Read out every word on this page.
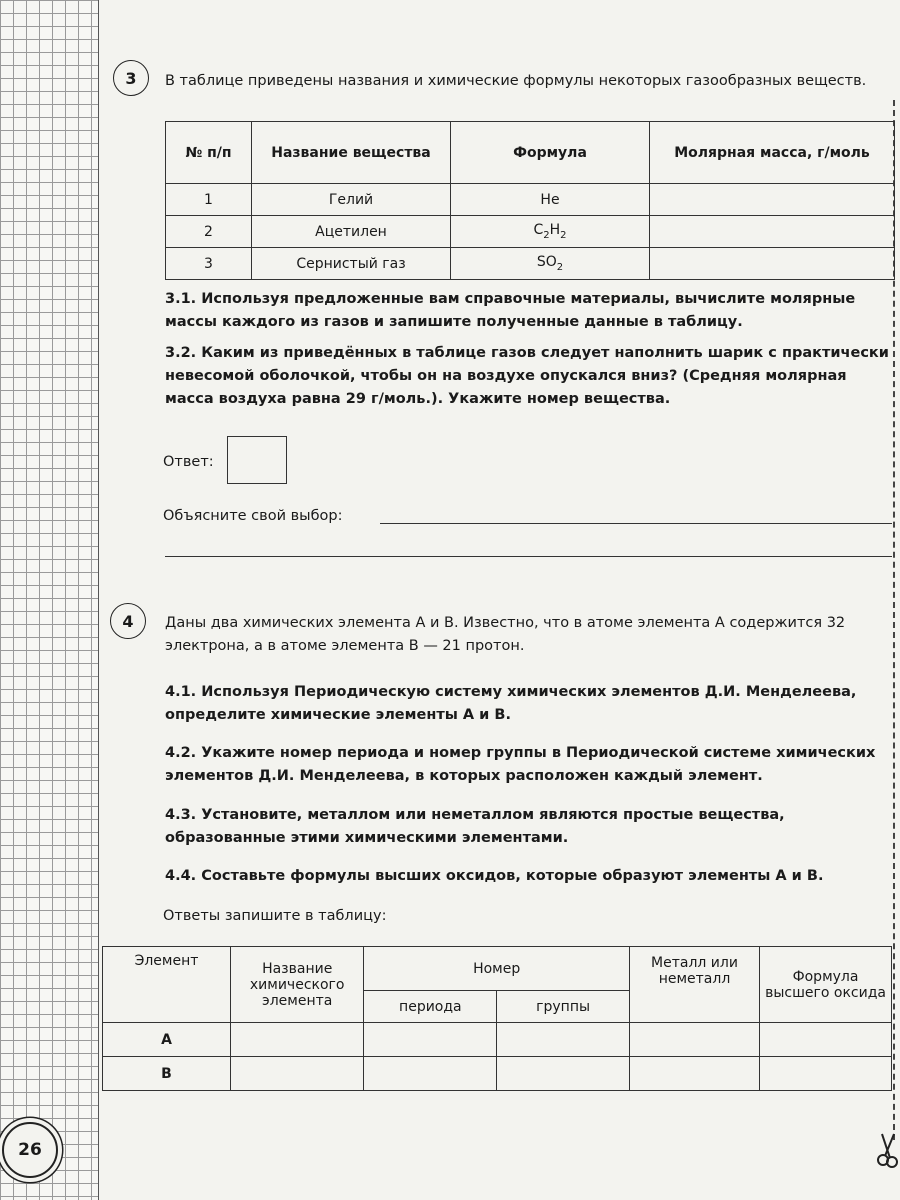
3	В таблице приведены названия и химические формулы некоторых газообразных веществ.
№ п/п	Название вещества	Формула	Молярная масса, г/моль
1	Гелий	He	
2	Ацетилен	$C_2H_2$	
3	Сернистый газ	$SO_2$	
3.1. Используя предложенные вам справочные материалы, вычислите молярные массы каждого из газов и запишите полученные данные в таблицу.
3.2. Каким из приведённых в таблице газов следует наполнить шарик с практически невесомой оболочкой, чтобы он на воздухе опускался вниз? (Средняя молярная масса воздуха равна 29 г/моль.). Укажите номер вещества.
Ответ:
Объясните свой выбор:
4	Даны два химических элемента А и В. Известно, что в атоме элемента А содержится 32 электрона, а в атоме элемента В — 21 протон.
4.1. Используя Периодическую систему химических элементов Д.И. Менделеева, определите химические элементы А и В.
4.2. Укажите номер периода и номер группы в Периодической системе химических элементов Д.И. Менделеева, в которых расположен каждый элемент.
4.3. Установите, металлом или неметаллом являются простые вещества, образованные этими химическими элементами.
4.4. Составьте формулы высших оксидов, которые образуют элементы А и В.
Ответы запишите в таблицу:
Элемент	Название химического элемента	Номер		Металл или неметалл	Формула высшего оксида
		периода	группы		
А					
В					
26
